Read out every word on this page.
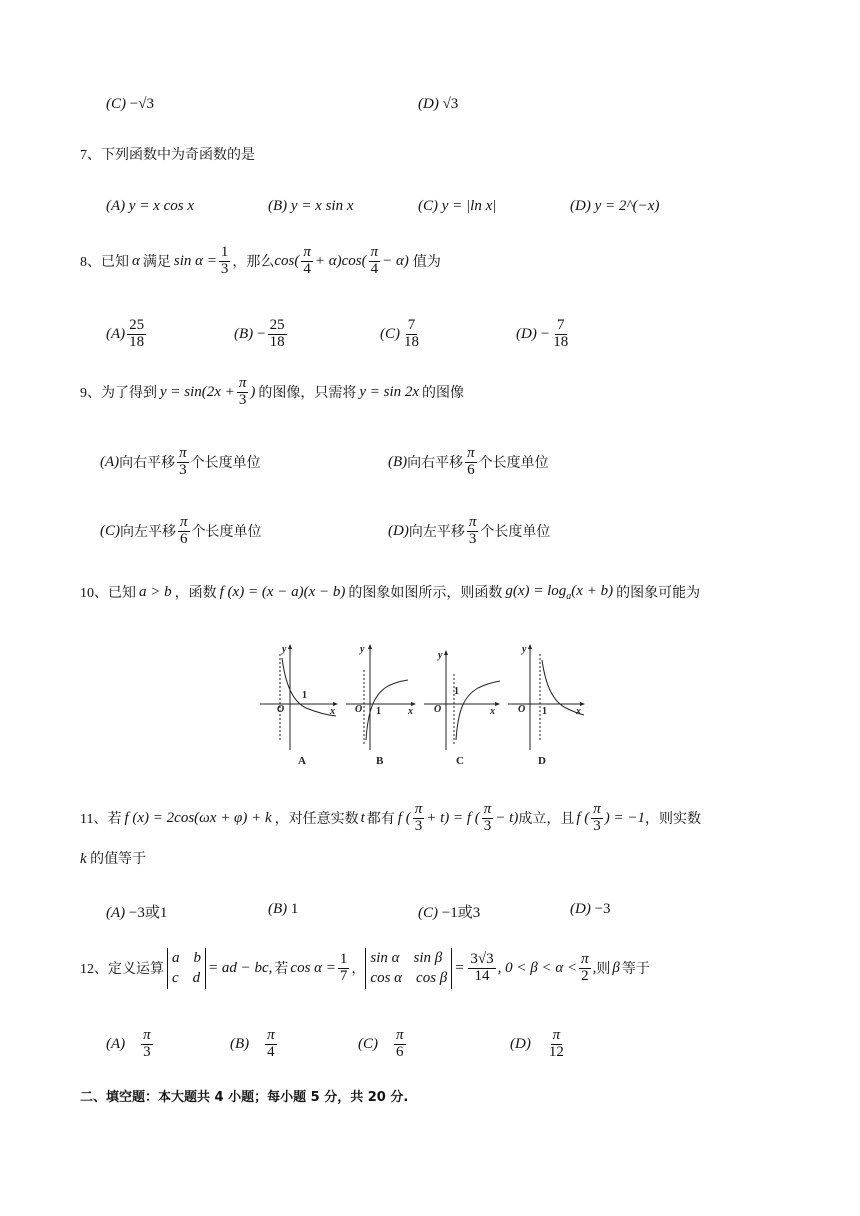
(C) −√3	(D) √3
7、下列函数中为奇函数的是
(A) y = x cos x	(B) y = x sin x	(C) y = |ln x|	(D) y = 2^(−x)
8、 已知 α 满足 $\sin \alpha = \frac{1}{3}$ ，那么 $\cos( \frac{\pi}{4} + \alpha)\cos( \frac{\pi}{4} - \alpha)$ 值为
$(A) \frac{25}{18}$	$(B) - \frac{25}{18}$	$(C) \frac{7}{18}$	$(D) - \frac{7}{18}$
9、 为了得到 $y = \sin(2x + \frac{\pi}{3}$ ) 的图像，只需将 y = sin 2x 的图像
(A) 向右平移 $\frac{\pi}{3}$ 个长度单位	(B) 向右平移 $\frac{\pi}{6}$ 个长度单位
(C) 向左平移 $\frac{\pi}{6}$ 个长度单位	(D) 向左平移 $\frac{\pi}{3}$ 个长度单位
10、 已知 a > b ，函数 f (x) = (x − a)(x − b) 的图象如图所示，则函数 $g(x) = \log_a(x + b)$ 的图象可能为
y
x
O
1
y
x
O 1
y
x
O
1
y
x
O 1
A	B	C	D
11、 若 f (x) = 2cos(ωx + φ) + k ，对任意实数 t 都有 f ( $\frac{\pi}{3} + t) = f$ ( $\frac{\pi}{3} - t$) 成立，且 f ( $\frac{\pi}{3}$ ) = −1 ，则实数
k 的值等于
(A) −3或1	(B) 1	(C) −1或3	(D) −3
12、 定义运算
a b
c d
= ad − bc, 若 $\cos \alpha = \frac{1}{7}$ ，
sin α sin β
cos α cos β
= $\frac{3√3}{14}$ , $0 < \beta < \alpha < \frac{\pi}{2}$ , 则 β 等于
$(A) \frac{\pi}{3}$	$(B) \frac{\pi}{4}$	$(C) \frac{\pi}{6}$	$(D) \frac{\pi}{12}$
二、填空题：本大题共 4 小题；每小题 5 分，共 20 分.
